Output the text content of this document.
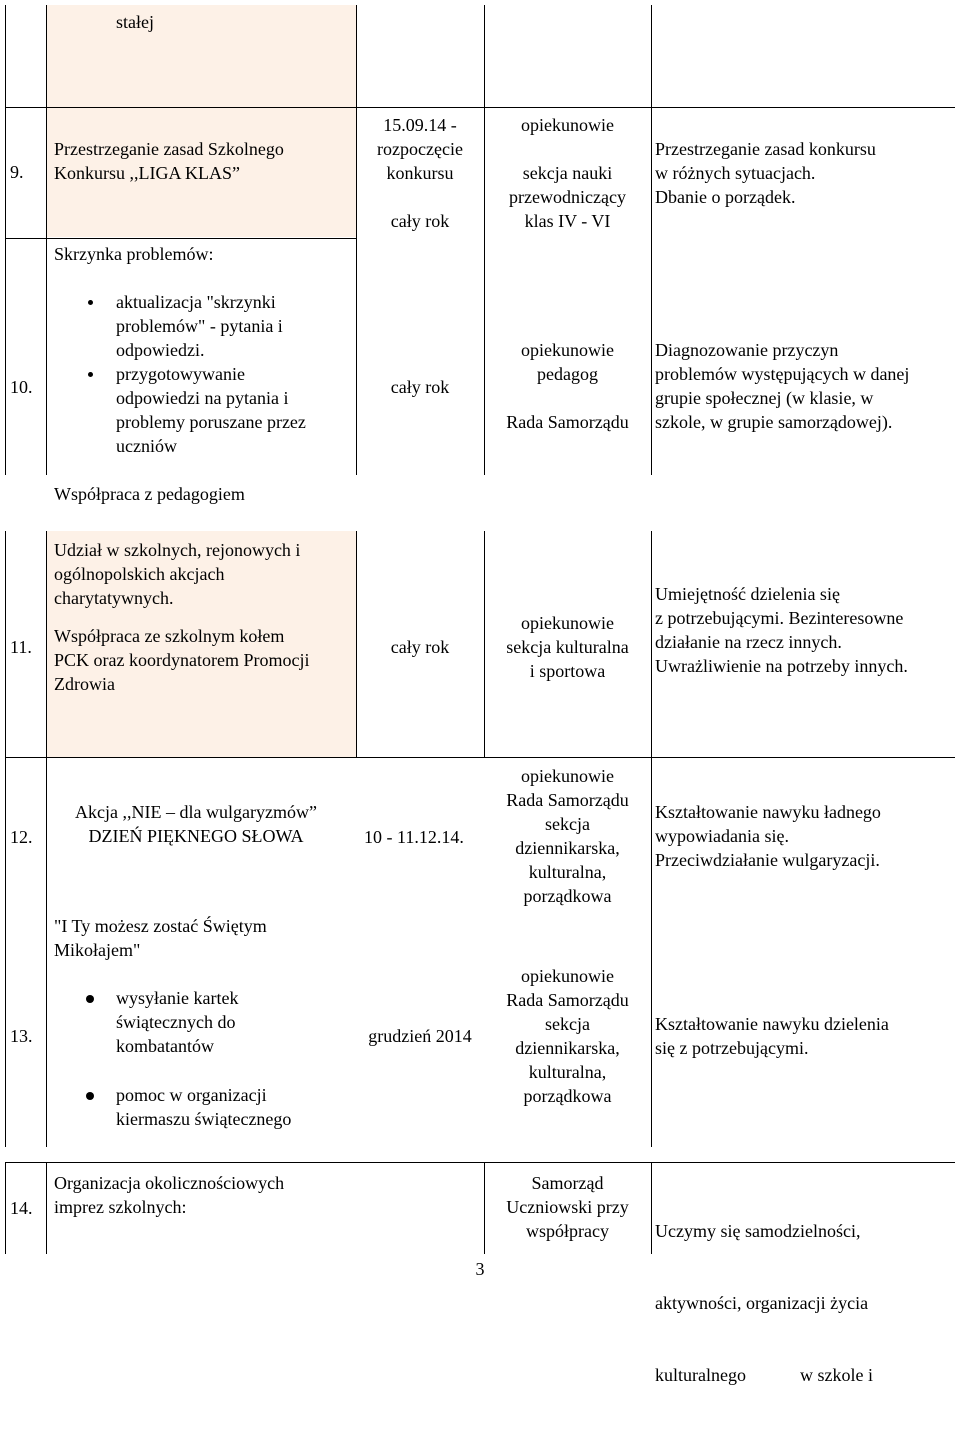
stałej
9.
Przestrzeganie zasad Szkolnego
Konkursu ,,LIGA KLAS”
15.09.14 -
rozpoczęcie
konkursu
cały rok
opiekunowie
sekcja nauki
przewodniczący
klas IV - VI
Przestrzeganie zasad konkursu
w różnych sytuacjach.
Dbanie o porządek.
Skrzynka problemów:
10.
aktualizacja "skrzynki
problemów" - pytania i
odpowiedzi.
przygotowywanie
odpowiedzi na pytania i
problemy poruszane przez
uczniów
cały rok
opiekunowie
pedagog
Rada Samorządu
Diagnozowanie przyczyn
problemów występujących w danej
grupie społecznej (w klasie, w
szkole, w grupie samorządowej).
Współpraca z pedagogiem
11.
Udział w szkolnych, rejonowych i
ogólnopolskich akcjach
charytatywnych.
Współpraca ze szkolnym kołem
PCK oraz koordynatorem Promocji
Zdrowia
cały rok
opiekunowie
sekcja kulturalna
i sportowa
Umiejętność dzielenia się
z potrzebującymi. Bezinteresowne
działanie na rzecz innych.
Uwrażliwienie na potrzeby innych.
12.
Akcja ,,NIE – dla wulgaryzmów”
DZIEŃ PIĘKNEGO SŁOWA	10 - 11.12.14.
opiekunowie
Rada Samorządu
sekcja
dziennikarska,
kulturalna,
porządkowa
Kształtowanie nawyku ładnego
wypowiadania się.
Przeciwdziałanie wulgaryzacji.
13.
"I Ty możesz zostać Świętym
Mikołajem"
wysyłanie kartek
świątecznych do
kombatantów
pomoc w organizacji
kiermaszu świątecznego
grudzień 2014
opiekunowie
Rada Samorządu
sekcja
dziennikarska,
kulturalna,
porządkowa
Kształtowanie nawyku dzielenia
się z potrzebującymi.
14.
Organizacja okolicznościowych
imprez szkolnych:
Samorząd
Uczniowski przy
współpracy

	Uczymy się samodzielności,

aktywności, organizacji życia

kulturalnego            w szkole i

3
